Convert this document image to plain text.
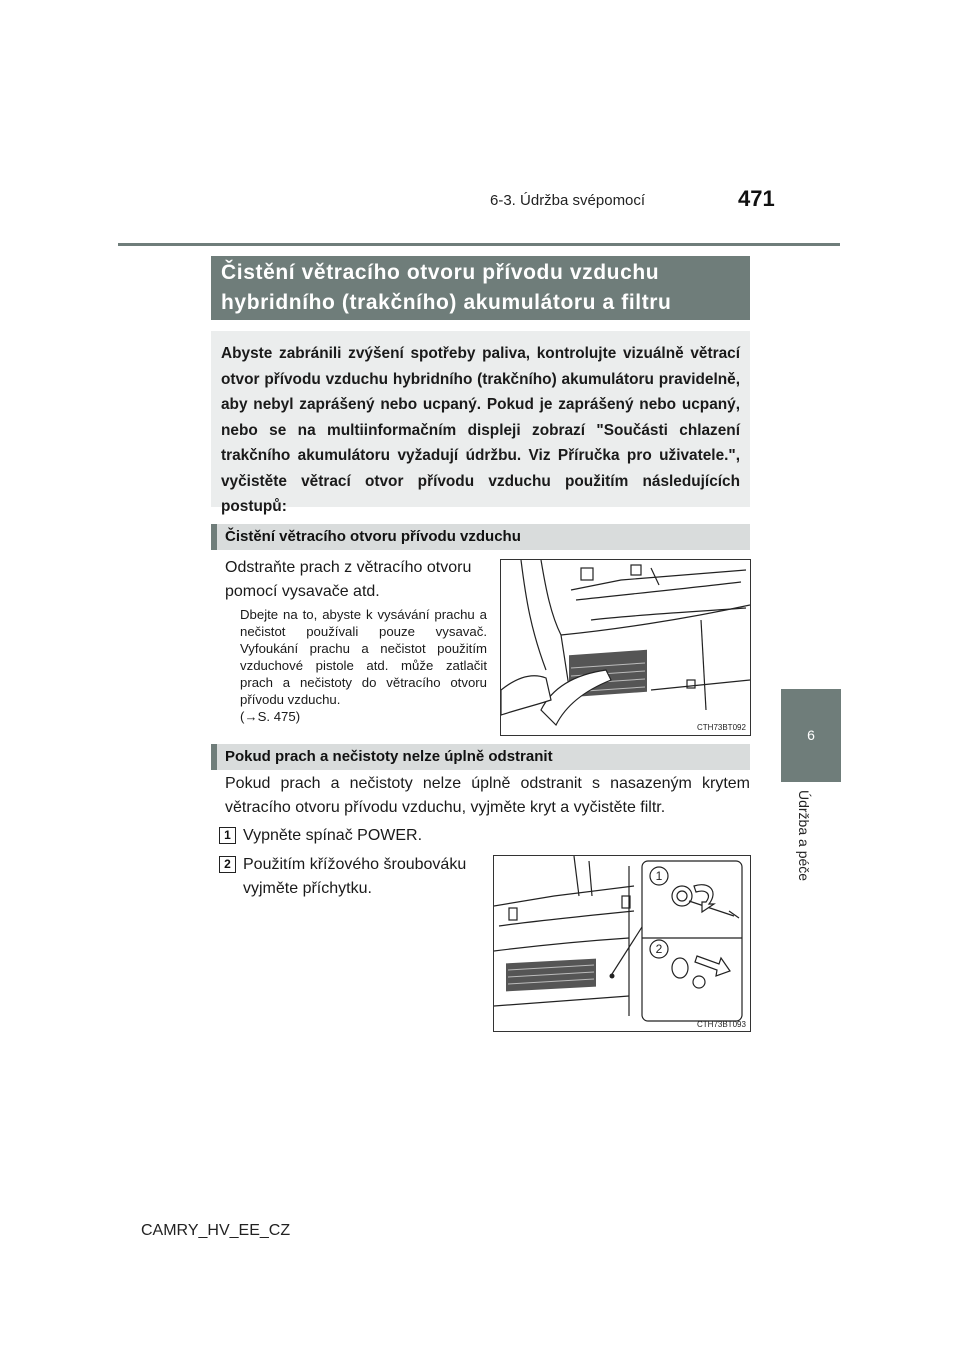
6-3. Údržba svépomocí	471
6
Údržba a péče
Čistění větracího otvoru přívodu vzduchu
hybridního (trakčního) akumulátoru a filtru
Abyste zabránili zvýšení spotřeby paliva, kontrolujte vizuálně větrací otvor přívodu vzduchu hybridního (trakčního) akumulátoru pravidelně, aby nebyl zaprášený nebo ucpaný. Pokud je zaprášený nebo ucpaný, nebo se na multiinformačním displeji zobrazí "Součásti chlazení trakčního akumulátoru vyžadují údržbu. Viz Příručka pro uživatele.", vyčistěte větrací otvor přívodu vzduchu použitím následujících postupů:
Čistění větracího otvoru přívodu vzduchu
Odstraňte prach z větracího otvoru pomocí vysavače atd.
Dbejte na to, abyste k vysávání prachu a nečistot používali pouze vysavač. Vyfoukání prachu a nečistot použitím vzduchové pistole atd. může zatlačit prach a nečistoty do větracího otvoru přívodu vzduchu.
(→S. 475)
CTH73BT092
Pokud prach a nečistoty nelze úplně odstranit
Pokud prach a nečistoty nelze úplně odstranit s nasazeným krytem větracího otvoru přívodu vzduchu, vyjměte kryt a vyčistěte filtr.
1 Vypněte spínač POWER.
2 Použitím křížového šroubováku vyjměte příchytku.
1
2
CTH73BT093
CAMRY_HV_EE_CZ
